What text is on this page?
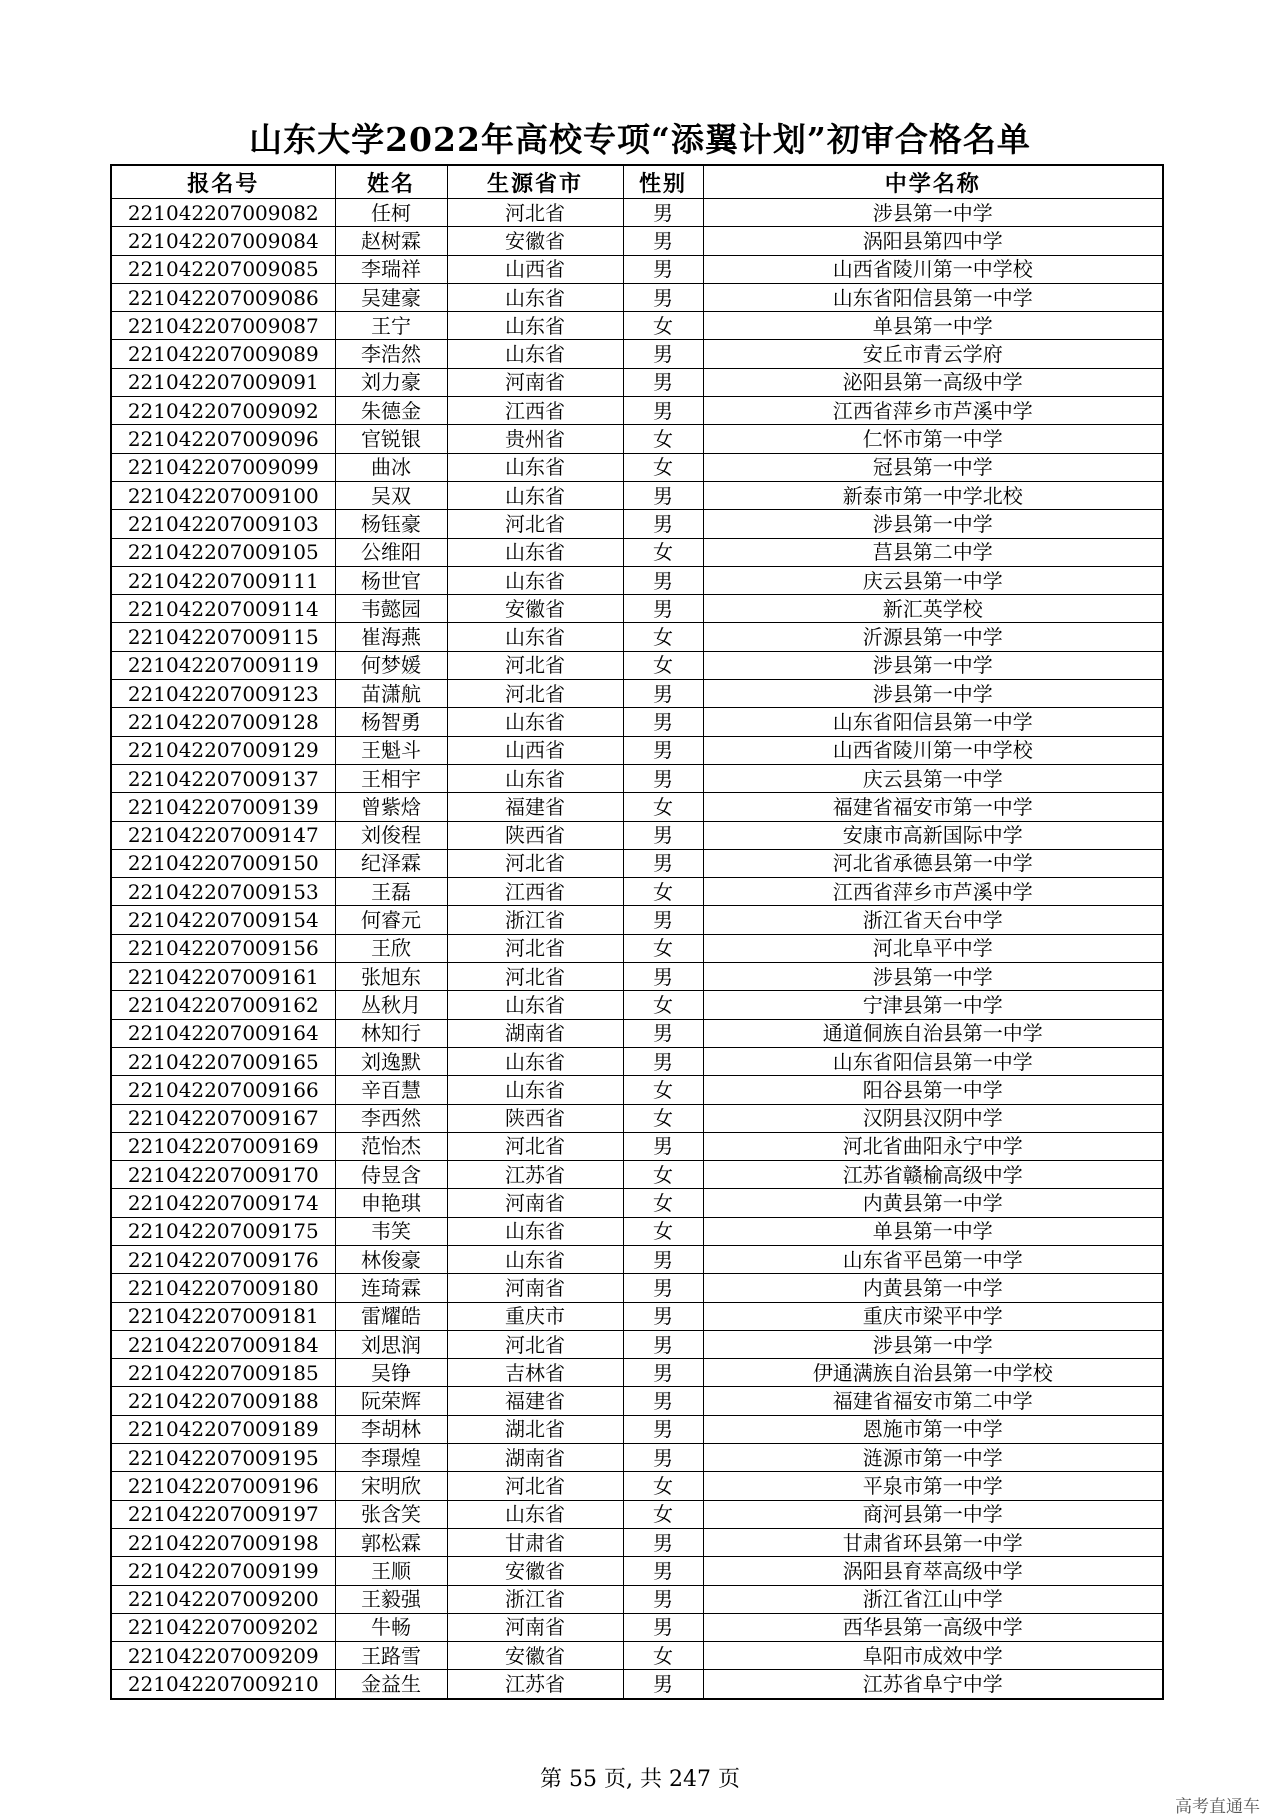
山东大学2022年高校专项“添翼计划”初审合格名单
报名号	姓名	生源省市	性别	中学名称
221042207009082	任柯	河北省	男	涉县第一中学
221042207009084	赵树霖	安徽省	男	涡阳县第四中学
221042207009085	李瑞祥	山西省	男	山西省陵川第一中学校
221042207009086	吴建豪	山东省	男	山东省阳信县第一中学
221042207009087	王宁	山东省	女	单县第一中学
221042207009089	李浩然	山东省	男	安丘市青云学府
221042207009091	刘力豪	河南省	男	泌阳县第一高级中学
221042207009092	朱德金	江西省	男	江西省萍乡市芦溪中学
221042207009096	官锐银	贵州省	女	仁怀市第一中学
221042207009099	曲冰	山东省	女	冠县第一中学
221042207009100	吴双	山东省	男	新泰市第一中学北校
221042207009103	杨钰豪	河北省	男	涉县第一中学
221042207009105	公维阳	山东省	女	莒县第二中学
221042207009111	杨世官	山东省	男	庆云县第一中学
221042207009114	韦懿园	安徽省	男	新汇英学校
221042207009115	崔海燕	山东省	女	沂源县第一中学
221042207009119	何梦媛	河北省	女	涉县第一中学
221042207009123	苗潇航	河北省	男	涉县第一中学
221042207009128	杨智勇	山东省	男	山东省阳信县第一中学
221042207009129	王魁斗	山西省	男	山西省陵川第一中学校
221042207009137	王相宇	山东省	男	庆云县第一中学
221042207009139	曾紫焓	福建省	女	福建省福安市第一中学
221042207009147	刘俊程	陕西省	男	安康市高新国际中学
221042207009150	纪泽霖	河北省	男	河北省承德县第一中学
221042207009153	王磊	江西省	女	江西省萍乡市芦溪中学
221042207009154	何睿元	浙江省	男	浙江省天台中学
221042207009156	王欣	河北省	女	河北阜平中学
221042207009161	张旭东	河北省	男	涉县第一中学
221042207009162	丛秋月	山东省	女	宁津县第一中学
221042207009164	林知行	湖南省	男	通道侗族自治县第一中学
221042207009165	刘逸默	山东省	男	山东省阳信县第一中学
221042207009166	辛百慧	山东省	女	阳谷县第一中学
221042207009167	李西然	陕西省	女	汉阴县汉阴中学
221042207009169	范怡杰	河北省	男	河北省曲阳永宁中学
221042207009170	侍昱含	江苏省	女	江苏省赣榆高级中学
221042207009174	申艳琪	河南省	女	内黄县第一中学
221042207009175	韦笑	山东省	女	单县第一中学
221042207009176	林俊豪	山东省	男	山东省平邑第一中学
221042207009180	连琦霖	河南省	男	内黄县第一中学
221042207009181	雷耀皓	重庆市	男	重庆市梁平中学
221042207009184	刘思润	河北省	男	涉县第一中学
221042207009185	吴铮	吉林省	男	伊通满族自治县第一中学校
221042207009188	阮荣辉	福建省	男	福建省福安市第二中学
221042207009189	李胡林	湖北省	男	恩施市第一中学
221042207009195	李璟煌	湖南省	男	涟源市第一中学
221042207009196	宋明欣	河北省	女	平泉市第一中学
221042207009197	张含笑	山东省	女	商河县第一中学
221042207009198	郭松霖	甘肃省	男	甘肃省环县第一中学
221042207009199	王顺	安徽省	男	涡阳县育萃高级中学
221042207009200	王毅强	浙江省	男	浙江省江山中学
221042207009202	牛畅	河南省	男	西华县第一高级中学
221042207009209	王路雪	安徽省	女	阜阳市成效中学
221042207009210	金益生	江苏省	男	江苏省阜宁中学
第 55 页, 共 247 页
高考直通车
